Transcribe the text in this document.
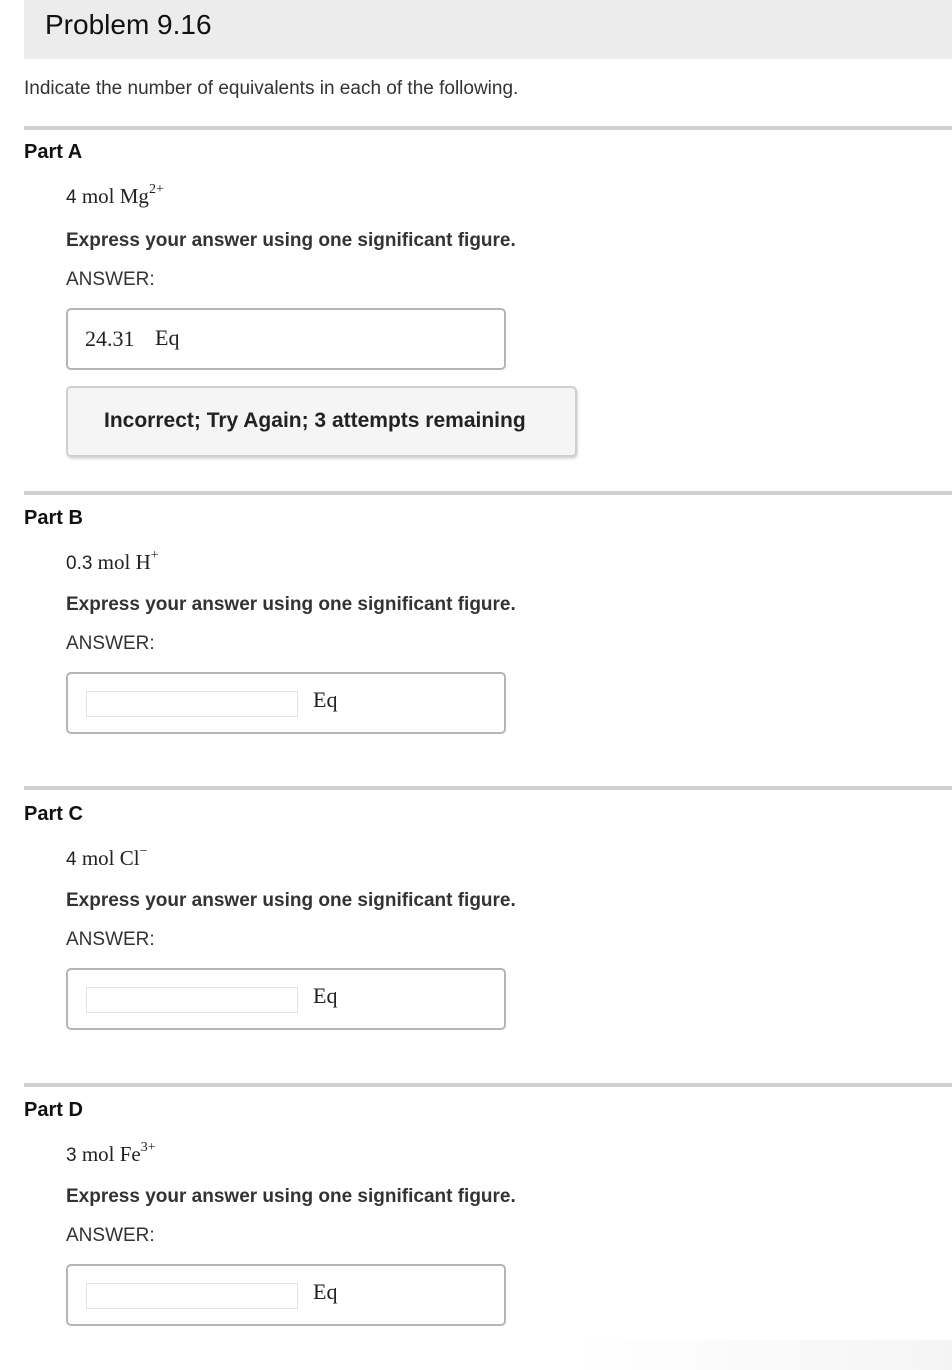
Problem 9.16
Indicate the number of equivalents in each of the following.
Part A
4 mol $Mg^{2+}$
Express your answer using one significant figure.
ANSWER:
24.31 Eq
Incorrect; Try Again; 3 attempts remaining
Part B
0.3 mol H+
Express your answer using one significant figure.
ANSWER:
Eq
Part C
4 mol Cl−
Express your answer using one significant figure.
ANSWER:
Eq
Part D
3 mol $Fe^{3+}$
Express your answer using one significant figure.
ANSWER:
Eq
